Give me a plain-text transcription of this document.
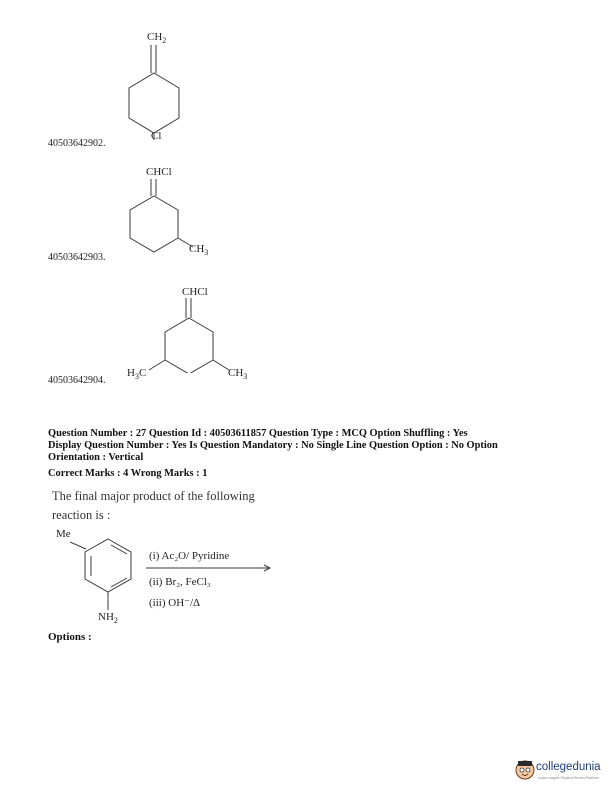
$CH_2$
Cl
40503642902.
CHCl
$CH_3$
40503642903.
CHCl
$H_3C$	$CH_3$
40503642904.
Question Number : 27 Question Id : 40503611857 Question Type : MCQ Option Shuffling : Yes
Display Question Number : Yes Is Question Mandatory : No Single Line Question Option : No Option
Orientation : Vertical
Correct Marks : 4 Wrong Marks : 1
The final major product of the following
reaction is :
Me
$NH_2$
(i) Ac₂O/ Pyridine
(ii) Br₂, FeCl₃
(iii) OH⁻/Δ
Options :
collegedunia
India's largest Student Review Platform
